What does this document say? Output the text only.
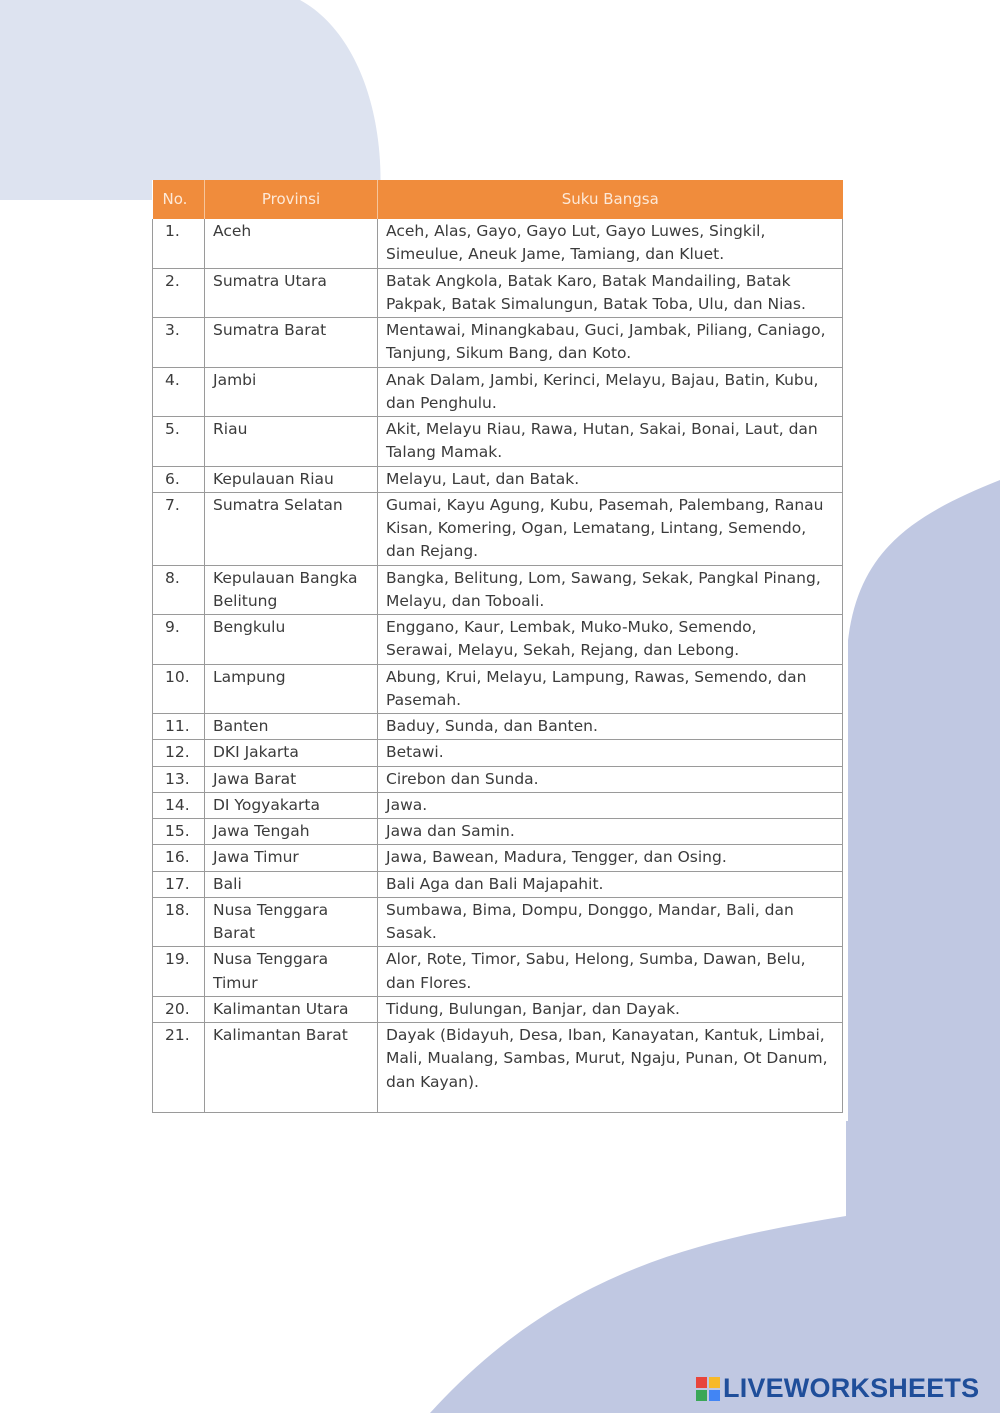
No.	Provinsi	Suku Bangsa
1.	Aceh	Aceh, Alas, Gayo, Gayo Lut, Gayo Luwes, Singkil, Simeulue, Aneuk Jame, Tamiang, dan Kluet.
2.	Sumatra Utara	Batak Angkola, Batak Karo, Batak Mandailing, Batak Pakpak, Batak Simalungun, Batak Toba, Ulu, dan Nias.
3.	Sumatra Barat	Mentawai, Minangkabau, Guci, Jambak, Piliang, Caniago, Tanjung, Sikum Bang, dan Koto.
4.	Jambi	Anak Dalam, Jambi, Kerinci, Melayu, Bajau, Batin, Kubu, dan Penghulu.
5.	Riau	Akit, Melayu Riau, Rawa, Hutan, Sakai, Bonai, Laut, dan Talang Mamak.
6.	Kepulauan Riau	Melayu, Laut, dan Batak.
7.	Sumatra Selatan	Gumai, Kayu Agung, Kubu, Pasemah, Palembang, Ranau Kisan, Komering, Ogan, Lematang, Lintang, Semendo, dan Rejang.
8.	Kepulauan Bangka Belitung	Bangka, Belitung, Lom, Sawang, Sekak, Pangkal Pinang, Melayu, dan Toboali.
9.	Bengkulu	Enggano, Kaur, Lembak, Muko-Muko, Semendo, Serawai, Melayu, Sekah, Rejang, dan Lebong.
10.	Lampung	Abung, Krui, Melayu, Lampung, Rawas, Semendo, dan Pasemah.
11.	Banten	Baduy, Sunda, dan Banten.
12.	DKI Jakarta	Betawi.
13.	Jawa Barat	Cirebon dan Sunda.
14.	DI Yogyakarta	Jawa.
15.	Jawa Tengah	Jawa dan Samin.
16.	Jawa Timur	Jawa, Bawean, Madura, Tengger, dan Osing.
17.	Bali	Bali Aga dan Bali Majapahit.
18.	Nusa Tenggara Barat	Sumbawa, Bima, Dompu, Donggo, Mandar, Bali, dan Sasak.
19.	Nusa Tenggara Timur	Alor, Rote, Timor, Sabu, Helong, Sumba, Dawan, Belu, dan Flores.
20.	Kalimantan Utara	Tidung, Bulungan, Banjar, dan Dayak.
21.	Kalimantan Barat	Dayak (Bidayuh, Desa, Iban, Kanayatan, Kantuk, Limbai, Mali, Mualang, Sambas, Murut, Ngaju, Punan, Ot Danum, dan Kayan).
LIVEWORKSHEETS
